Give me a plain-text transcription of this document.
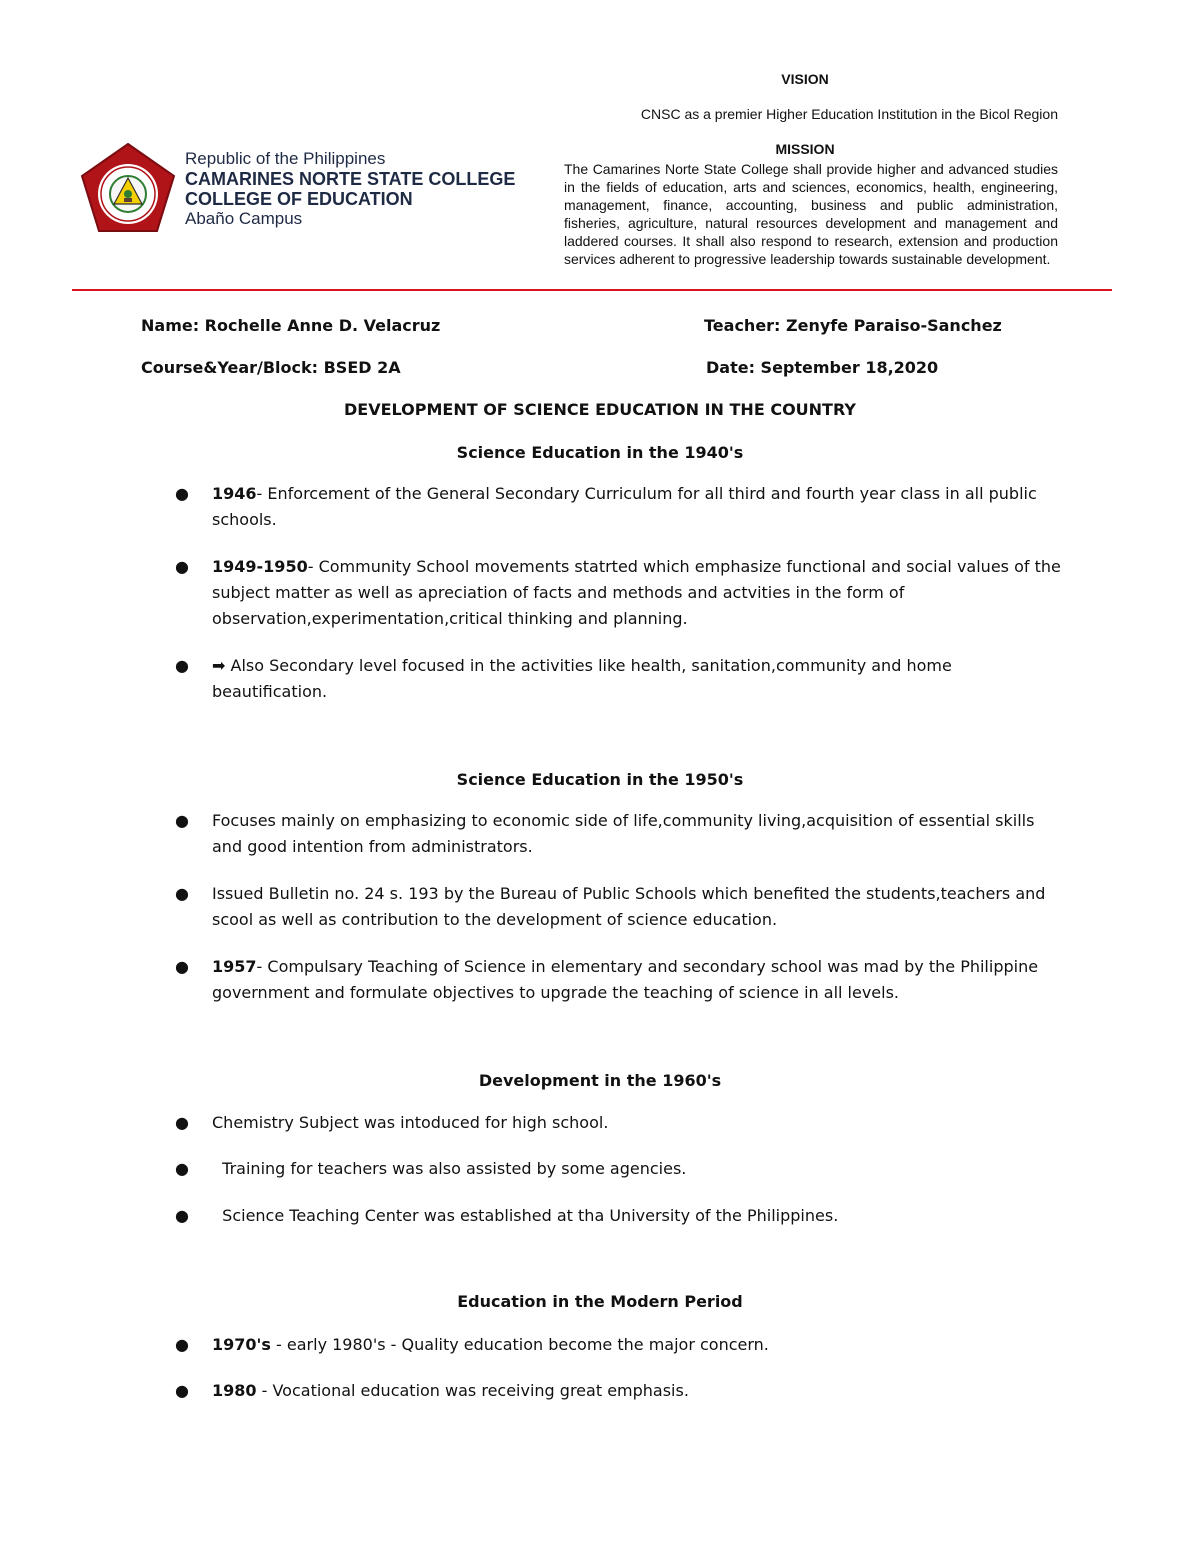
VISION
CNSC as a premier Higher Education Institution in the Bicol Region
MISSION
The Camarines Norte State College shall provide higher and advanced studies in the fields of education, arts and sciences, economics, health, engineering, management, finance, accounting, business and public administration, fisheries, agriculture, natural resources development and management and laddered courses. It shall also respond to research, extension and production services adherent to progressive leadership towards sustainable development.
Republic of the Philippines
CAMARINES NORTE STATE COLLEGE
COLLEGE OF EDUCATION
Abaño Campus
Name: Rochelle Anne D. Velacruz	Teacher: Zenyfe Paraiso-Sanchez
Course&Year/Block: BSED 2A	Date: September 18,2020
DEVELOPMENT OF SCIENCE EDUCATION IN THE COUNTRY
Science Education in the 1940's
● 1946- Enforcement of the General Secondary Curriculum for all third and fourth year class in all public schools.
● 1949-1950- Community School movements statrted which emphasize functional and social values of the subject matter as well as apreciation of facts and methods and actvities in the form of observation,experimentation,critical thinking and planning.
● ➡ Also Secondary level focused in the activities like health, sanitation,community and home beautification.
Science Education in the 1950's
● Focuses mainly on emphasizing to economic side of life,community living,acquisition of essential skills and good intention from administrators.
● Issued Bulletin no. 24 s. 193 by the Bureau of Public Schools which benefited the students,teachers and scool as well as contribution to the development of science education.
● 1957- Compulsary Teaching of Science in elementary and secondary school was mad by the Philippine government and formulate objectives to upgrade the teaching of science in all levels.
Development in the 1960's
● Chemistry Subject was intoduced for high school.
● Training for teachers was also assisted by some agencies.
● Science Teaching Center was established at tha University of the Philippines.
Education in the Modern Period
● 1970's - early 1980's - Quality education become the major concern.
● 1980 - Vocational education was receiving great emphasis.
